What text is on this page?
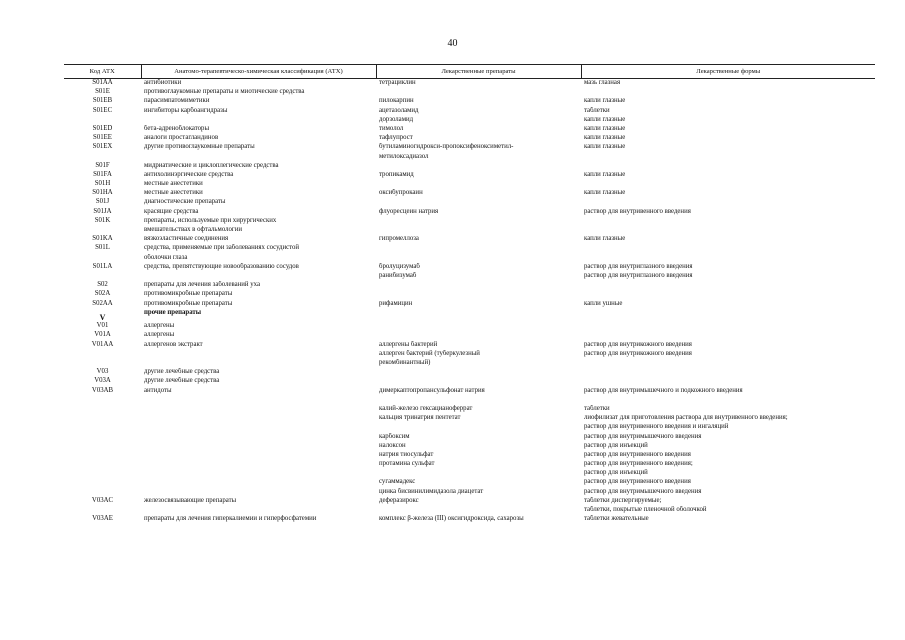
40
Код АТХ	Анатомо-терапевтическо-химическая классификация (АТХ)	Лекарственные препараты	Лекарственные формы
S01AA	антибиотики	тетрациклин	мазь глазная
S01E	противоглаукомные препараты и миотические средства		
S01EB	парасимпатомиметики	пилокарпин	капли глазные
S01EC	ингибиторы карбоангидразы	ацетазоламид	таблетки
		дорзоламид	капли глазные
S01ED	бета-адреноблокаторы	тимолол	капли глазные
S01EE	аналоги простагландинов	тафлупрост	капли глазные
S01EX	другие противоглаукомные препараты	бутиламиногидрокси-пропоксифеноксиметил-	капли глазные
		метилоксадиазол	
S01F	мидриатические и циклоплегические средства		
S01FA	антихолинэргические средства	тропикамид	капли глазные
S01H	местные анестетики		
S01HA	местные анестетики	оксибупрокаин	капли глазные
S01J	диагностические препараты		
S01JA	красящие средства	флуоресцеин натрия	раствор для внутривенного введения
S01K	препараты, используемые при хирургических		
	вмешательствах в офтальмологии		
S01KA	вязкоэластичные соединения	гипромеллоза	капли глазные
S01L	средства, применяемые при заболеваниях сосудистой		
	оболочки глаза		
S01LA	средства, препятствующие новообразованию сосудов	бролуцизумаб	раствор для внутриглазного введения
		ранибизумаб	раствор для внутриглазного введения
S02	препараты для лечения заболеваний уха		
S02A	противомикробные препараты		
S02AA	противомикробные препараты	рифамицин	капли ушные
V	прочие препараты		
V01	аллергены		
V01A	аллергены		
V01AA	аллергенов экстракт	аллергены бактерий	раствор для внутрикожного введения
		аллерген бактерий (туберкулезный	раствор для внутрикожного введения
		рекомбинантный)	
V03	другие лечебные средства		
V03A	другие лечебные средства		
V03AB	антидоты	димеркаптопропансульфонат натрия	раствор для внутримышечного и подкожного введения

		калий-железо гексацианоферрат	таблетки
		кальция тринатрия пентетат	лиофилизат для приготовления раствора для внутривенного введения;
			раствор для внутривенного введения и ингаляций
		карбоксим	раствор для внутримышечного введения
		налоксон	раствор для инъекций
		натрия тиосульфат	раствор для внутривенного введения
		протамина сульфат	раствор для внутривенного введения;
			раствор для инъекций
		сугаммадекс	раствор для внутривенного введения
		цинка бисвинилимидазола диацетат	раствор для внутримышечного введения
V03AC	железосвязывающие препараты	деферазирокс	таблетки диспергируемые;
			таблетки, покрытые пленочной оболочкой
V03AE	препараты для лечения гиперкалиемии и гиперфосфатемии	комплекс β-железа (III) оксигидроксида, сахарозы	таблетки жевательные
